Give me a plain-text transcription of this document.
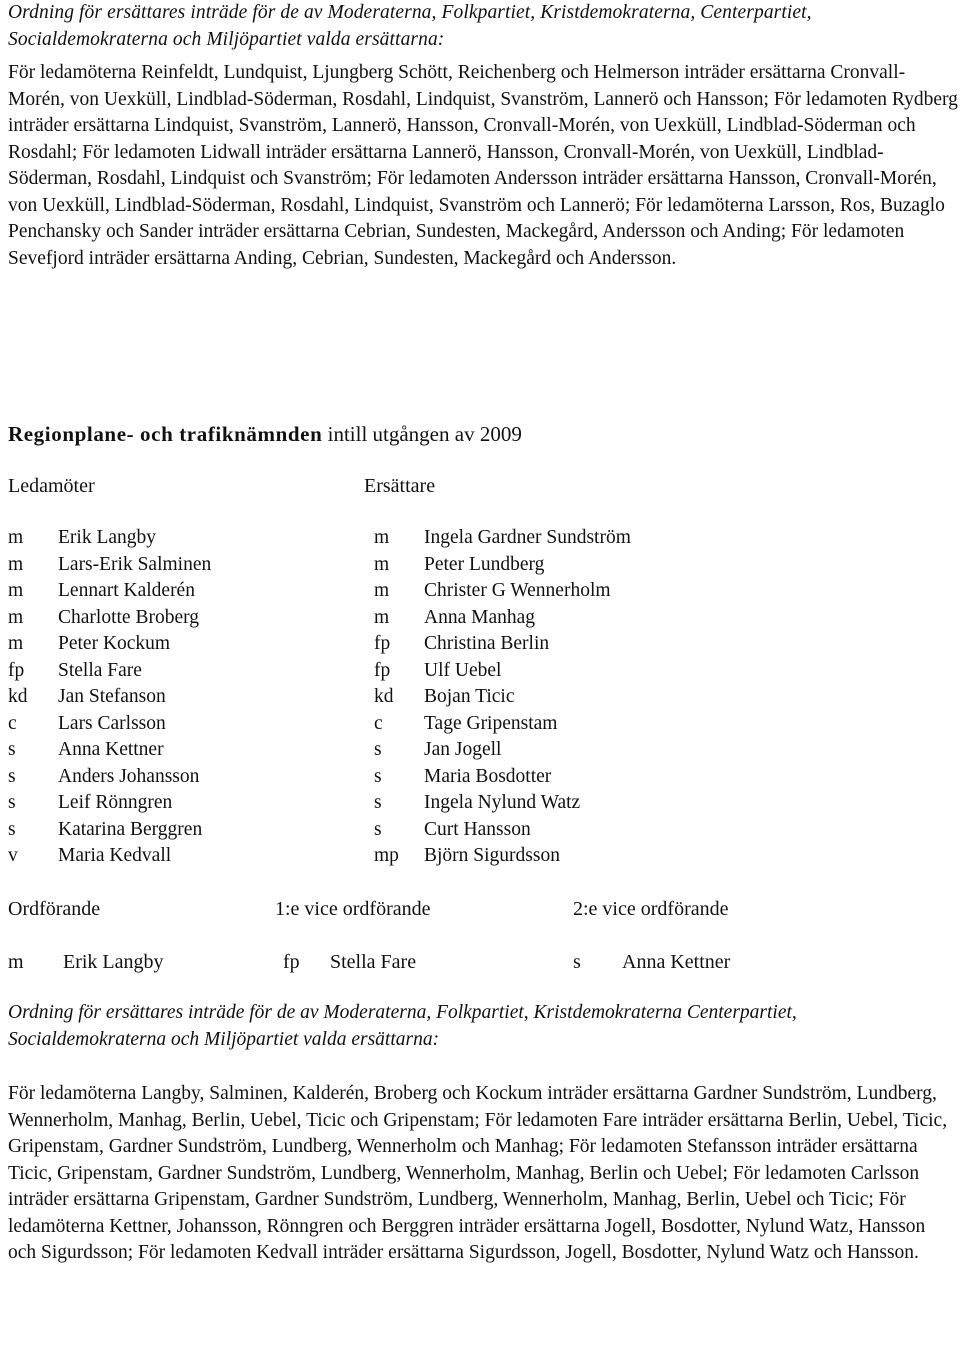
Ordning för ersättares inträde för de av Moderaterna, Folkpartiet, Kristdemokraterna, Centerpartiet, Socialdemokraterna och Miljöpartiet valda ersättarna:

För ledamöterna Reinfeldt, Lundquist, Ljungberg Schött, Reichenberg och Helmerson inträder ersättarna Cronvall-Morén, von Uexküll, Lindblad-Söderman, Rosdahl, Lindquist, Svanström, Lannerö och Hansson; För ledamoten Rydberg inträder ersättarna Lindquist, Svanström, Lannerö, Hansson, Cronvall-Morén, von Uexküll, Lindblad-Söderman och Rosdahl; För ledamoten Lidwall inträder ersättarna Lannerö, Hansson, Cronvall-Morén, von Uexküll, Lindblad-Söderman, Rosdahl, Lindquist och Svanström; För ledamoten Andersson inträder ersättarna Hansson, Cronvall-Morén, von Uexküll, Lindblad-Söderman, Rosdahl, Lindquist, Svanström och Lannerö; För ledamöterna Larsson, Ros, Buzaglo Penchansky och Sander inträder ersättarna Cebrian, Sundesten, Mackegård, Andersson och Anding; För ledamoten Sevefjord inträder ersättarna Anding, Cebrian, Sundesten, Mackegård och Andersson.

Regionplane- och trafiknämnden intill utgången av 2009
Ledamöter	Ersättare
m Erik Langby	m Ingela Gardner Sundström
m Lars-Erik Salminen	m Peter Lundberg
m Lennart Kalderén	m Christer G Wennerholm
m Charlotte Broberg	m Anna Manhag
m Peter Kockum	fp Christina Berlin
fp Stella Fare	fp Ulf Uebel
kd Jan Stefanson	kd Bojan Ticic
c Lars Carlsson	c Tage Gripenstam
s Anna Kettner	s Jan Jogell
s Anders Johansson	s Maria Bosdotter
s Leif Rönngren	s Ingela Nylund Watz
s Katarina Berggren	s Curt Hansson
v Maria Kedvall	mp Björn Sigurdsson
Ordförande	1:e vice ordförande	2:e vice ordförande
m Erik Langby	fp Stella Fare	s Anna Kettner

Ordning för ersättares inträde för de av Moderaterna, Folkpartiet, Kristdemokraterna Centerpartiet, Socialdemokraterna och Miljöpartiet valda ersättarna:

För ledamöterna Langby, Salminen, Kalderén, Broberg och Kockum inträder ersättarna Gardner Sundström, Lundberg, Wennerholm, Manhag, Berlin, Uebel, Ticic och Gripenstam; För ledamoten Fare inträder ersättarna Berlin, Uebel, Ticic, Gripenstam, Gardner Sundström, Lundberg, Wennerholm och Manhag; För ledamoten Stefansson inträder ersättarna Ticic, Gripenstam, Gardner Sundström, Lundberg, Wennerholm, Manhag, Berlin och Uebel; För ledamoten Carlsson inträder ersättarna Gripenstam, Gardner Sundström, Lundberg, Wennerholm, Manhag, Berlin, Uebel och Ticic; För ledamöterna Kettner, Johansson, Rönngren och Berggren inträder ersättarna Jogell, Bosdotter, Nylund Watz, Hansson och Sigurdsson; För ledamoten Kedvall inträder ersättarna Sigurdsson, Jogell, Bosdotter, Nylund Watz och Hansson.
